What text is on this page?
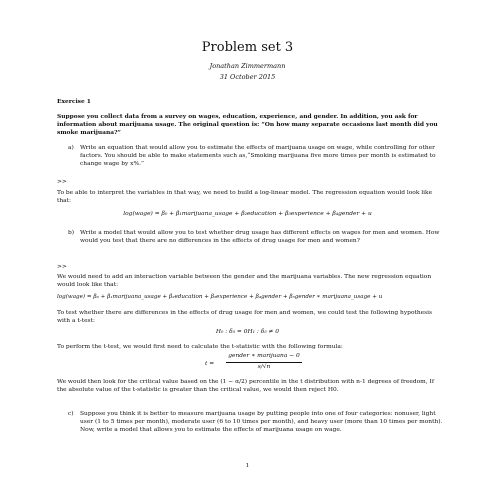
Problem set 3
Jonathan Zimmermann
31 October 2015
Exercise 1
Suppose you collect data from a survey on wages, education, experience, and gender. In addition, you ask for information about marijuana usage. The original question is: “On how many separate occasions last month did you smoke marijuana?”
a) Write an equation that would allow you to estimate the effects of marijuana usage on wage, while controlling for other factors. You should be able to make statements such as,“Smoking marijuana five more times per month is estimated to change wage by x%.”
>>
To be able to interpret the variables in that way, we need to build a log-linear model. The regression equation would look like that:
log(wage) = β₀ + β₁marijuana_usage + β₂education + β₃experience + β₄gender + u
b) Write a model that would allow you to test whether drug usage has different effects on wages for men and women. How would you test that there are no differences in the effects of drug usage for men and women?
>>
We would need to add an interaction variable between the gender and the marijuana variables. The new regression equation would look like that:
log(wage) = β₀ + β₁marijuana_usage + β₂education + β₃experience + β₄gender + β₅gender ∗ marijuana_usage + u
To test whether there are differences in the effects of drug usage for men and women, we could test the following hypothesis with a t-test:
H₀ : δ₅ = 0H₁ : δ₅ ≠ 0
To perform the t-test, we would first need to calculate the t-statistic with the following formula:
t =
gender ∗ marijuana − 0
s/√n
We would then look for the critical value based on the (1 − α/2) percentile in the t distribution with n-1 degrees of freedom, If the absolute value of the t-statistic is greater than the critical value, we would then reject H0.
c) Suppose you think it is better to measure marijuana usage by putting people into one of four categories: nonuser, light user (1 to 5 times per month), moderate user (6 to 10 times per month), and heavy user (more than 10 times per month). Now, write a model that allows you to estimate the effects of marijuana usage on wage.
1
